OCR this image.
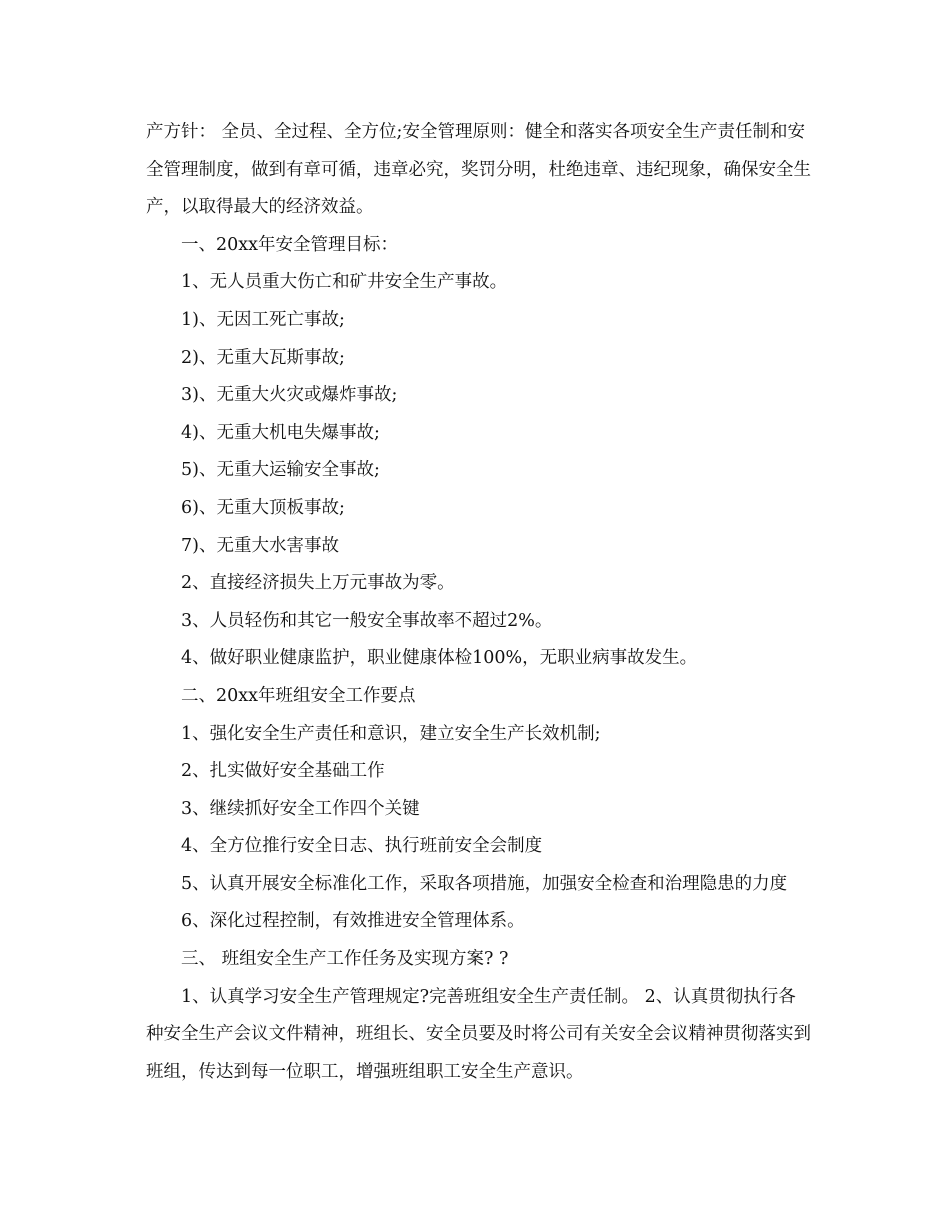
产方针： 全员、全过程、全方位;安全管理原则：健全和落实各项安全生产责任制和安全管理制度，做到有章可循，违章必究，奖罚分明，杜绝违章、违纪现象，确保安全生产，以取得最大的经济效益。

一、20xx年安全管理目标：

1、无人员重大伤亡和矿井安全生产事故。

1)、无因工死亡事故;

2)、无重大瓦斯事故;

3)、无重大火灾或爆炸事故;

4)、无重大机电失爆事故;

5)、无重大运输安全事故;

6)、无重大顶板事故;

7)、无重大水害事故

2、直接经济损失上万元事故为零。

3、人员轻伤和其它一般安全事故率不超过2%。

4、做好职业健康监护，职业健康体检100%，无职业病事故发生。

二、20xx年班组安全工作要点

1、强化安全生产责任和意识，建立安全生产长效机制;

2、扎实做好安全基础工作

3、继续抓好安全工作四个关键

4、全方位推行安全日志、执行班前安全会制度

5、认真开展安全标准化工作，采取各项措施，加强安全检查和治理隐患的力度

6、深化过程控制，有效推进安全管理体系。

三、 班组安全生产工作任务及实现方案? ?

1、认真学习安全生产管理规定?完善班组安全生产责任制。 2、认真贯彻执行各种安全生产会议文件精神，班组长、安全员要及时将公司有关安全会议精神贯彻落实到班组，传达到每一位职工，增强班组职工安全生产意识。
